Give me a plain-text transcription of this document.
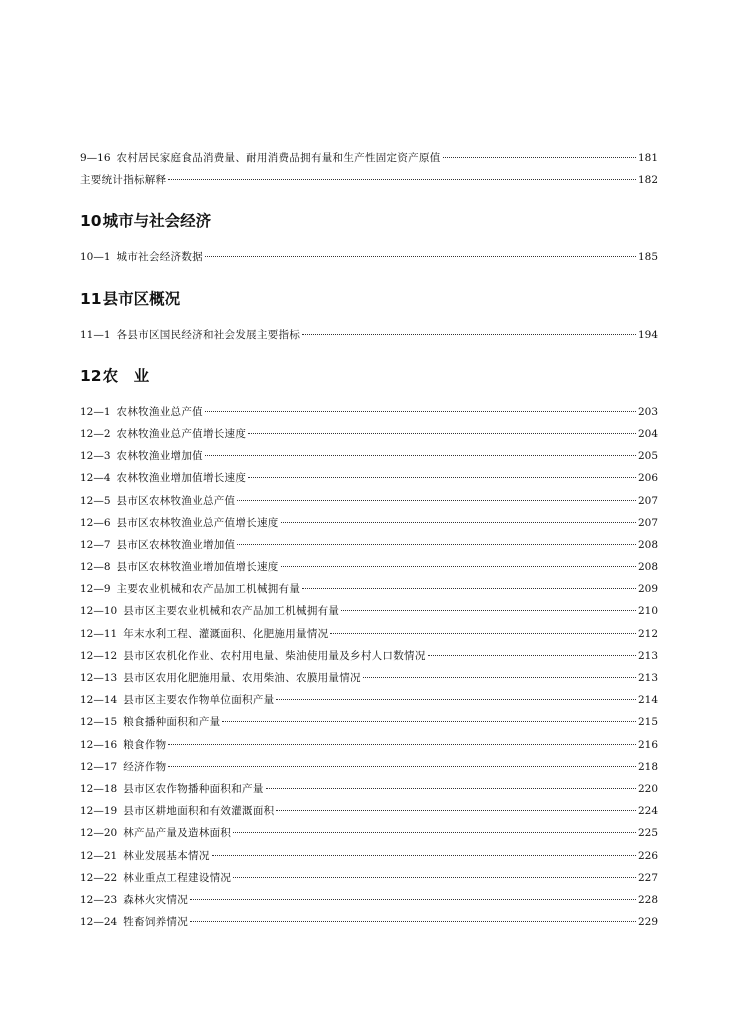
9—16 农村居民家庭食品消费量、耐用消费品拥有量和生产性固定资产原值	181
主要统计指标解释	182
10城市与社会经济
10—1 城市社会经济数据	185
11县市区概况
11—1 各县市区国民经济和社会发展主要指标	194
12农　业
12—1 农林牧渔业总产值	203
12—2 农林牧渔业总产值增长速度	204
12—3 农林牧渔业增加值	205
12—4 农林牧渔业增加值增长速度	206
12—5 县市区农林牧渔业总产值	207
12—6 县市区农林牧渔业总产值增长速度	207
12—7 县市区农林牧渔业增加值	208
12—8 县市区农林牧渔业增加值增长速度	208
12—9 主要农业机械和农产品加工机械拥有量	209
12—10 县市区主要农业机械和农产品加工机械拥有量	210
12—11 年末水利工程、灌溉面积、化肥施用量情况	212
12—12 县市区农机化作业、农村用电量、柴油使用量及乡村人口数情况	213
12—13 县市区农用化肥施用量、农用柴油、农膜用量情况	213
12—14 县市区主要农作物单位面积产量	214
12—15 粮食播种面积和产量	215
12—16 粮食作物	216
12—17 经济作物	218
12—18 县市区农作物播种面积和产量	220
12—19 县市区耕地面积和有效灌溉面积	224
12—20 林产品产量及造林面积	225
12—21 林业发展基本情况	226
12—22 林业重点工程建设情况	227
12—23 森林火灾情况	228
12—24 牲畜饲养情况	229
